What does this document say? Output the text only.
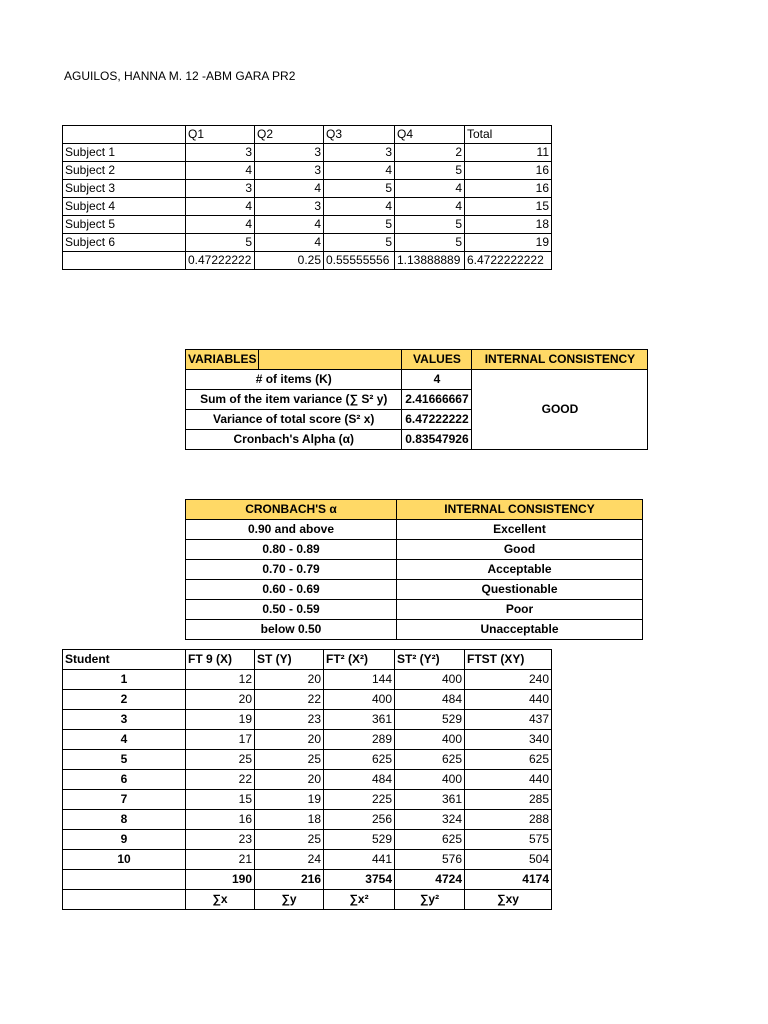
AGUILOS, HANNA M. 12 -ABM GARA PR2
	Q1	Q2	Q3	Q4	Total
Subject 1	3	3	3	2	11
Subject 2	4	3	4	5	16
Subject 3	3	4	5	4	16
Subject 4	4	3	4	4	15
Subject 5	4	4	5	5	18
Subject 6	5	4	5	5	19
	0.47222222	0.25	0.55555556	1.13888889	6.4722222222
VARIABLES		VALUES	INTERNAL CONSISTENCY
# of items (K)		4	GOOD
Sum of the item variance (∑ S² y)		2.41666667	
Variance of total score (S² x)		6.47222222	
Cronbach's Alpha (α)		0.83547926	
CRONBACH'S α	INTERNAL CONSISTENCY
0.90 and above	Excellent
0.80 - 0.89	Good
0.70 - 0.79	Acceptable
0.60 - 0.69	Questionable
0.50 - 0.59	Poor
below 0.50	Unacceptable
Student	FT 9 (X)	ST (Y)	FT² (X²)	ST² (Y²)	FTST (XY)
1	12	20	144	400	240
2	20	22	400	484	440
3	19	23	361	529	437
4	17	20	289	400	340
5	25	25	625	625	625
6	22	20	484	400	440
7	15	19	225	361	285
8	16	18	256	324	288
9	23	25	529	625	575
10	21	24	441	576	504
	190	216	3754	4724	4174
	∑x	∑y	∑x²	∑y²	∑xy
